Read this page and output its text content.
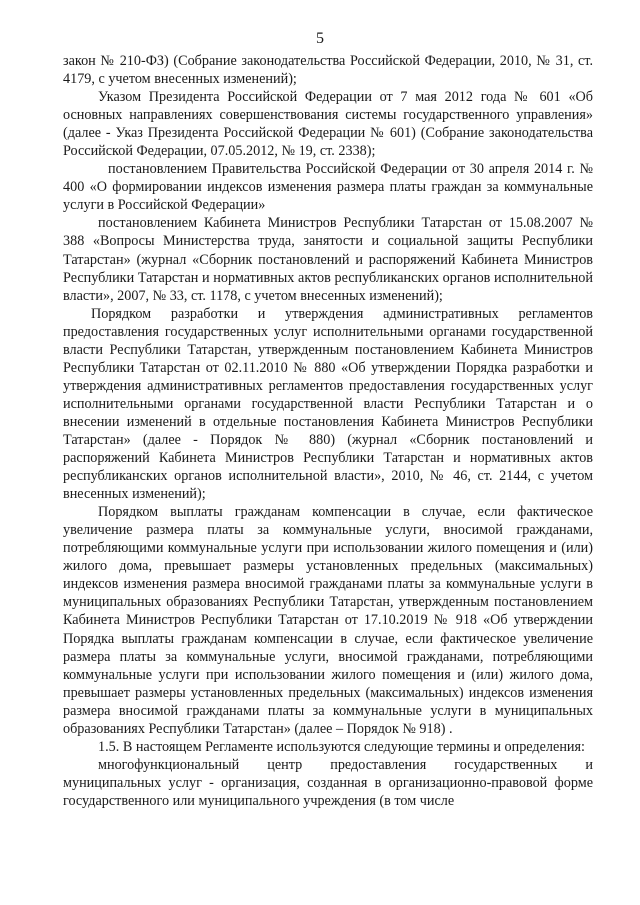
5

закон № 210-ФЗ) (Собрание законодательства Российской Федерации, 2010, № 31, ст. 4179, с учетом внесенных изменений);

Указом Президента Российской Федерации от 7 мая 2012 года № 601 «Об основных направлениях совершенствования системы государственного управления» (далее - Указ Президента Российской Федерации № 601) (Собрание законодательства Российской Федерации, 07.05.2012, № 19, ст. 2338);

постановлением Правительства Российской Федерации от 30 апреля 2014 г. № 400 «О формировании индексов изменения размера платы граждан за коммунальные услуги в Российской Федерации»

постановлением Кабинета Министров Республики Татарстан от 15.08.2007 № 388 «Вопросы Министерства труда, занятости и социальной защиты Республики Татарстан» (журнал «Сборник постановлений и распоряжений Кабинета Министров Республики Татарстан и нормативных актов республиканских органов исполнительной власти», 2007, № 33, ст. 1178, с учетом внесенных изменений);

Порядком разработки и утверждения административных регламентов предоставления государственных услуг исполнительными органами государственной власти Республики Татарстан, утвержденным постановлением Кабинета Министров Республики Татарстан от 02.11.2010 № 880 «Об утверждении Порядка разработки и утверждения административных регламентов предоставления государственных услуг исполнительными органами государственной власти Республики Татарстан и о внесении изменений в отдельные постановления Кабинета Министров Республики Татарстан» (далее - Порядок № 880) (журнал «Сборник постановлений и распоряжений Кабинета Министров Республики Татарстан и нормативных актов республиканских органов исполнительной власти», 2010, № 46, ст. 2144, с учетом внесенных изменений);

Порядком выплаты гражданам компенсации в случае, если фактическое увеличение размера платы за коммунальные услуги, вносимой гражданами, потребляющими коммунальные услуги при использовании жилого помещения и (или) жилого дома, превышает размеры установленных предельных (максимальных) индексов изменения размера вносимой гражданами платы за коммунальные услуги в муниципальных образованиях Республики Татарстан, утвержденным постановлением Кабинета Министров Республики Татарстан от 17.10.2019 № 918 «Об утверждении Порядка выплаты гражданам компенсации в случае, если фактическое увеличение размера платы за коммунальные услуги, вносимой гражданами, потребляющими коммунальные услуги при использовании жилого помещения и (или) жилого дома, превышает размеры установленных предельных (максимальных) индексов изменения размера вносимой гражданами платы за коммунальные услуги в муниципальных образованиях Республики Татарстан» (далее – Порядок № 918) .

1.5. В настоящем Регламенте используются следующие термины и определения:

многофункциональный центр предоставления государственных и муниципальных услуг - организация, созданная в организационно-правовой форме государственного или муниципального учреждения (в том числе
